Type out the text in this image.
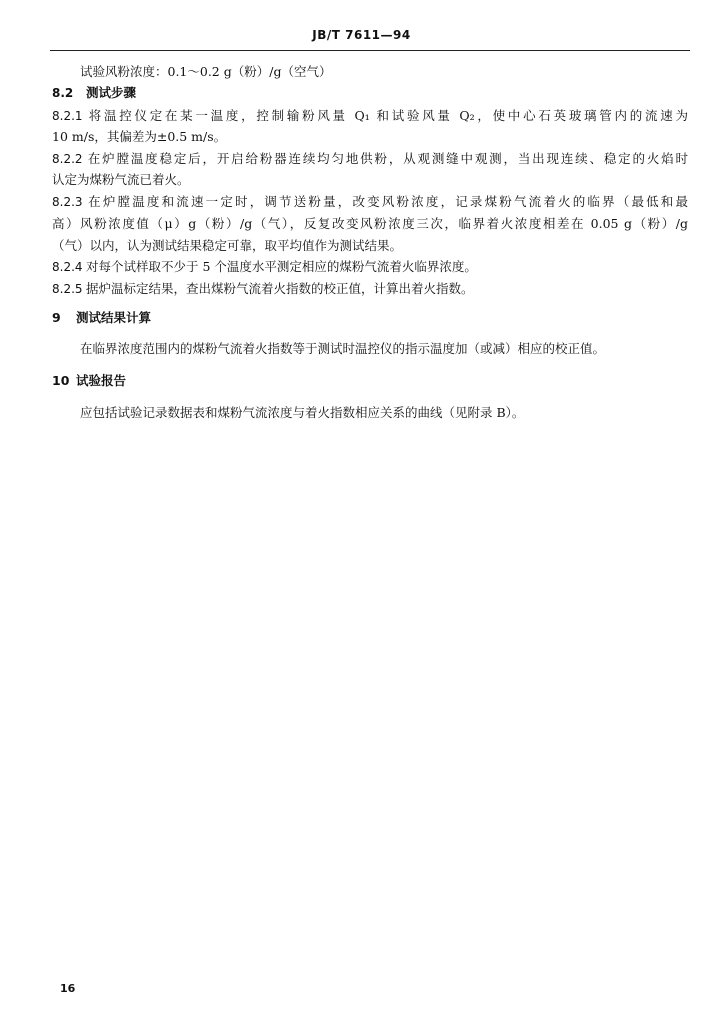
JB/T 7611—94
试验风粉浓度：0.1～0.2 g（粉）/g（空气）
8.2 测试步骤
8.2.1 将温控仪定在某一温度，控制输粉风量 Q₁ 和试验风量 Q₂，使中心石英玻璃管内的流速为
10 m/s，其偏差为±0.5 m/s。
8.2.2 在炉膛温度稳定后，开启给粉器连续均匀地供粉，从观测缝中观测，当出现连续、稳定的火焰时
认定为煤粉气流已着火。
8.2.3 在炉膛温度和流速一定时，调节送粉量，改变风粉浓度，记录煤粉气流着火的临界（最低和最
高）风粉浓度值（μ）g（粉）/g（气），反复改变风粉浓度三次，临界着火浓度相差在 0.05 g（粉）/g
（气）以内，认为测试结果稳定可靠，取平均值作为测试结果。
8.2.4 对每个试样取不少于 5 个温度水平测定相应的煤粉气流着火临界浓度。
8.2.5 据炉温标定结果，查出煤粉气流着火指数的校正值，计算出着火指数。
9 测试结果计算
在临界浓度范围内的煤粉气流着火指数等于测试时温控仪的指示温度加（或减）相应的校正值。
10 试验报告
应包括试验记录数据表和煤粉气流浓度与着火指数相应关系的曲线（见附录 B）。
16
